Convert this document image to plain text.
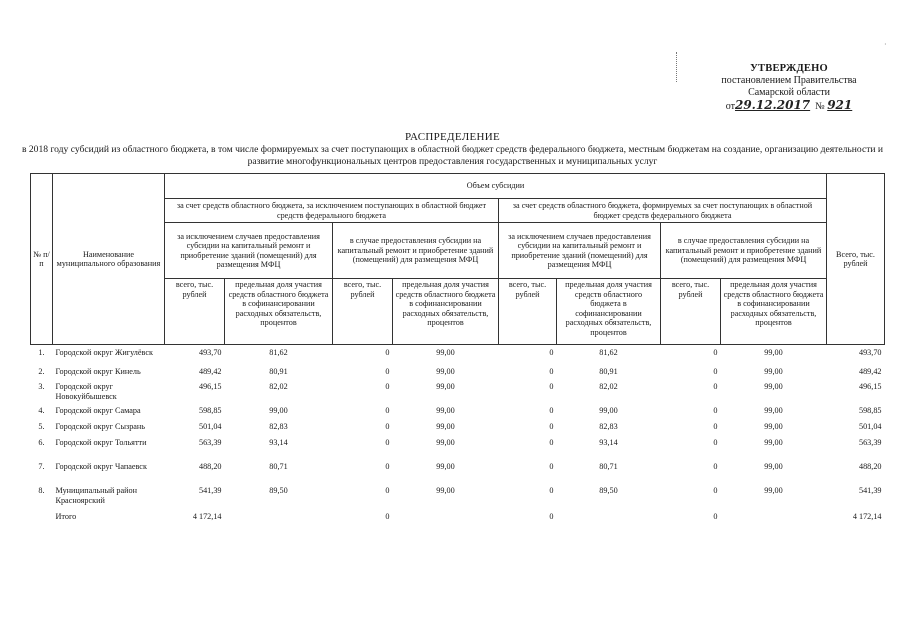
·
УТВЕРЖДЕНО
постановлением Правительства
Самарской области
от29.12.2017 № 921
РАСПРЕДЕЛЕНИЕ
в 2018 году субсидий из областного бюджета, в том числе формируемых за счет поступающих в областной бюджет средств федерального бюджета, местным бюджетам на создание, организацию деятельности и развитие многофункциональных центров предоставления государственных и муниципальных услуг
№ п/п	Наименование муниципального образования	Объем субсидии								Всего, тыс. рублей
		за счет средств областного бюджета, за исключением поступающих в областной бюджет средств федерального бюджета				за счет средств областного бюджета, формируемых за счет поступающих в областной бюджет средств федерального бюджета				
		за исключением случаев предоставления субсидии на капитальный ремонт и приобретение зданий (помещений) для размещения МФЦ		в случае предоставления субсидии на капитальный ремонт и приобретение зданий (помещений) для размещения МФЦ		за исключением случаев предоставления субсидии на капитальный ремонт и приобретение зданий (помещений) для размещения МФЦ		в случае предоставления субсидии на капитальный ремонт и приобретение зданий (помещений) для размещения МФЦ		
		всего, тыс. рублей	предельная доля участия средств областного бюджета в софинансировании расходных обязательств, процентов	всего, тыс. рублей	предельная доля участия средств областного бюджета в софинансировании расходных обязательств, процентов	всего, тыс. рублей	предельная доля участия средств областного бюджета в софинансировании расходных обязательств, процентов	всего, тыс. рублей	предельная доля участия средств областного бюджета в софинансировании расходных обязательств, процентов	
1.	Городской округ Жигулёвск	493,70	81,62	0	99,00	0	81,62	0	99,00	493,70
2.	Городской округ Кинель	489,42	80,91	0	99,00	0	80,91	0	99,00	489,42
3.	Городской округ Новокуйбышевск	496,15	82,02	0	99,00	0	82,02	0	99,00	496,15
4.	Городской округ Самара	598,85	99,00	0	99,00	0	99,00	0	99,00	598,85
5.	Городской округ Сызрань	501,04	82,83	0	99,00	0	82,83	0	99,00	501,04
6.	Городской округ Тольятти	563,39	93,14	0	99,00	0	93,14	0	99,00	563,39
7.	Городской округ Чапаевск	488,20	80,71	0	99,00	0	80,71	0	99,00	488,20
8.	Муниципальный район Красноярский	541,39	89,50	0	99,00	0	89,50	0	99,00	541,39
	Итого	4 172,14		0		0		0		4 172,14
